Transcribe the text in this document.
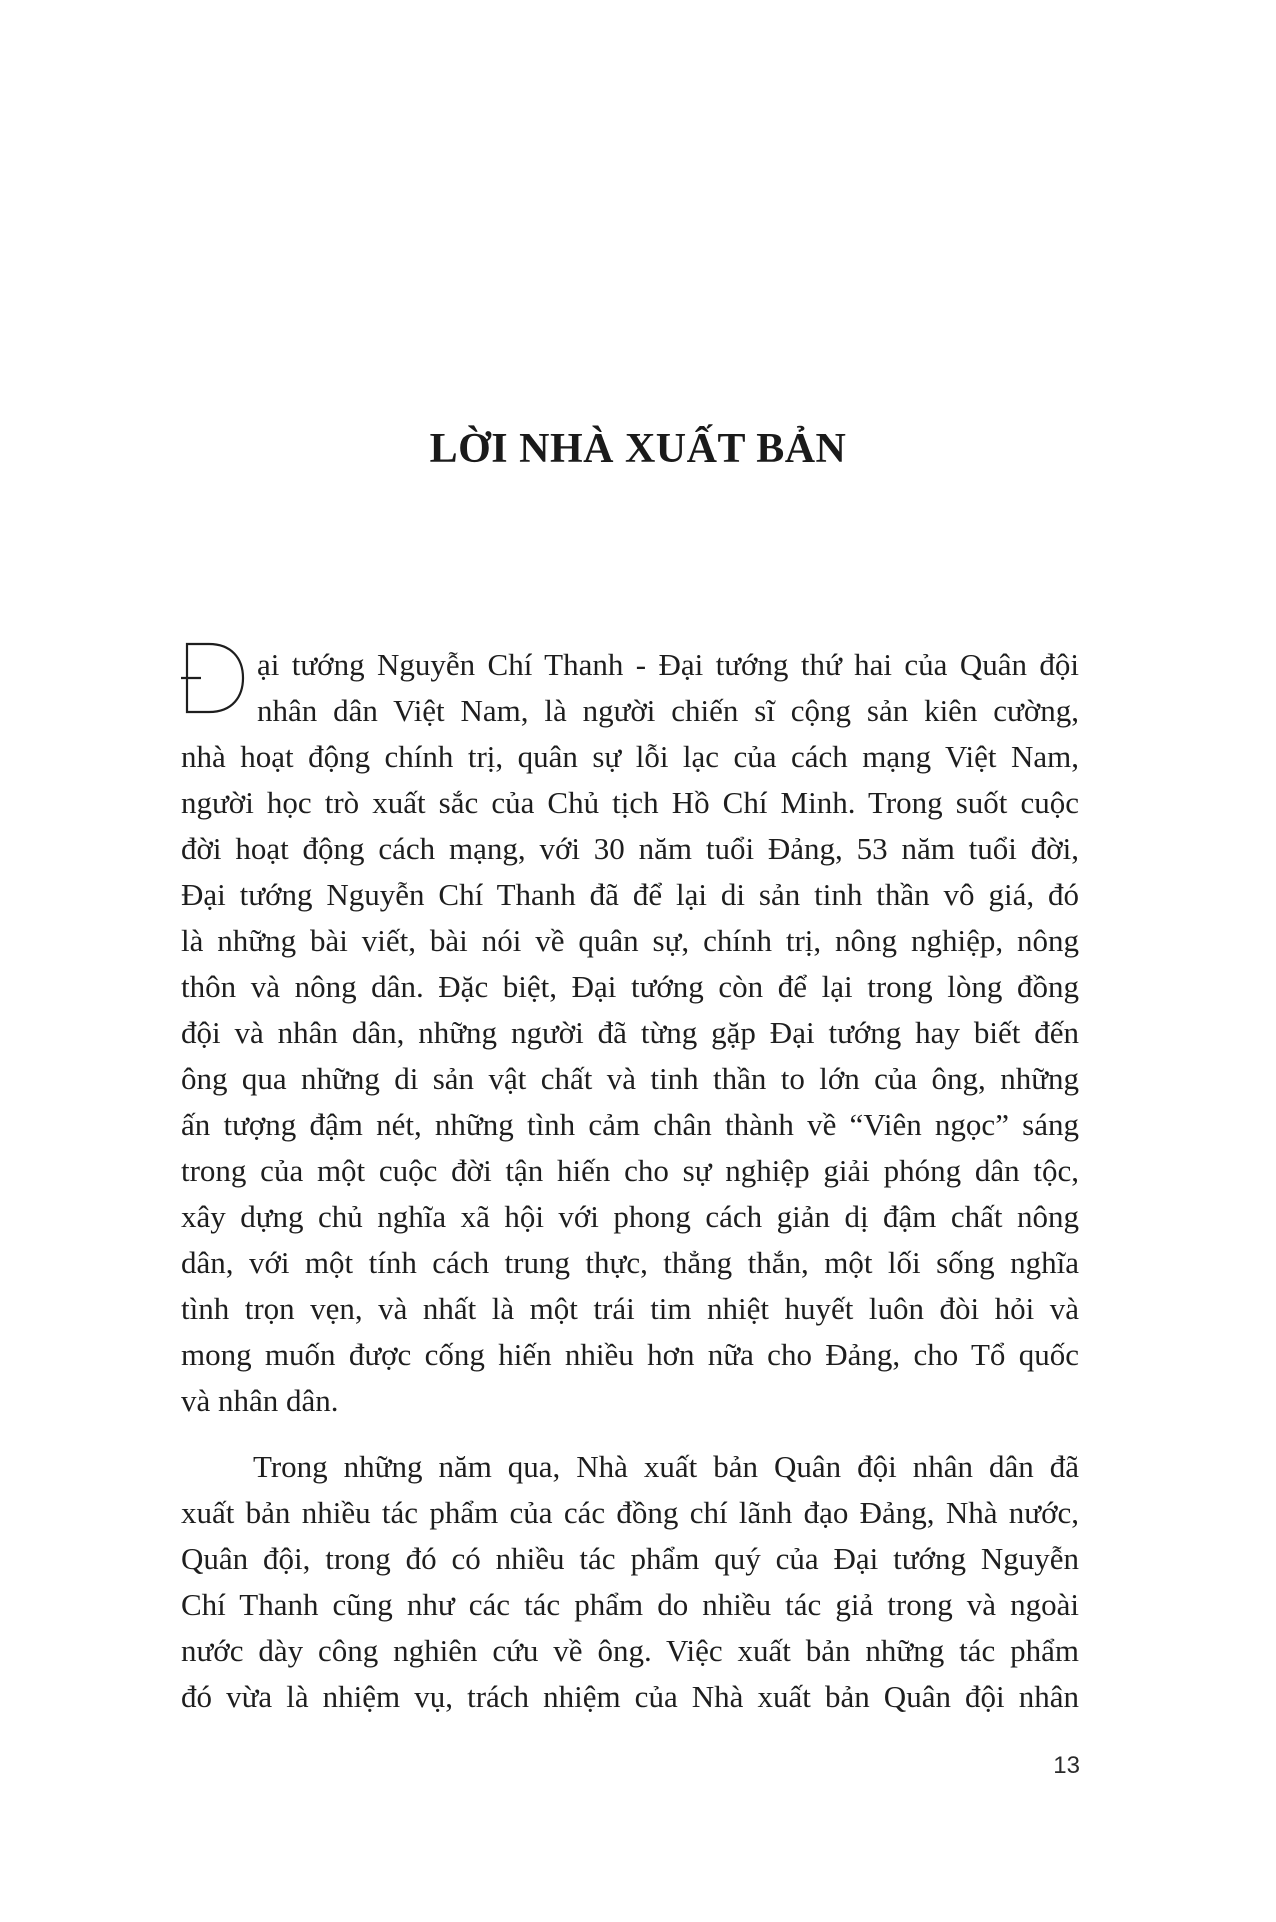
LỜI NHÀ XUẤT BẢN
ại tướng Nguyễn Chí Thanh - Đại tướng thứ hai của Quân đội
nhân dân Việt Nam, là người chiến sĩ cộng sản kiên cường,
nhà hoạt động chính trị, quân sự lỗi lạc của cách mạng Việt Nam,
người học trò xuất sắc của Chủ tịch Hồ Chí Minh. Trong suốt cuộc
đời hoạt động cách mạng, với 30 năm tuổi Đảng, 53 năm tuổi đời,
Đại tướng Nguyễn Chí Thanh đã để lại di sản tinh thần vô giá, đó
là những bài viết, bài nói về quân sự, chính trị, nông nghiệp, nông
thôn và nông dân. Đặc biệt, Đại tướng còn để lại trong lòng đồng
đội và nhân dân, những người đã từng gặp Đại tướng hay biết đến
ông qua những di sản vật chất và tinh thần to lớn của ông, những
ấn tượng đậm nét, những tình cảm chân thành về “Viên ngọc” sáng
trong của một cuộc đời tận hiến cho sự nghiệp giải phóng dân tộc,
xây dựng chủ nghĩa xã hội với phong cách giản dị đậm chất nông
dân, với một tính cách trung thực, thẳng thắn, một lối sống nghĩa
tình trọn vẹn, và nhất là một trái tim nhiệt huyết luôn đòi hỏi và
mong muốn được cống hiến nhiều hơn nữa cho Đảng, cho Tổ quốc
và nhân dân.
Trong những năm qua, Nhà xuất bản Quân đội nhân dân đã
xuất bản nhiều tác phẩm của các đồng chí lãnh đạo Đảng, Nhà nước,
Quân đội, trong đó có nhiều tác phẩm quý của Đại tướng Nguyễn
Chí Thanh cũng như các tác phẩm do nhiều tác giả trong và ngoài
nước dày công nghiên cứu về ông. Việc xuất bản những tác phẩm
đó vừa là nhiệm vụ, trách nhiệm của Nhà xuất bản Quân đội nhân
13
